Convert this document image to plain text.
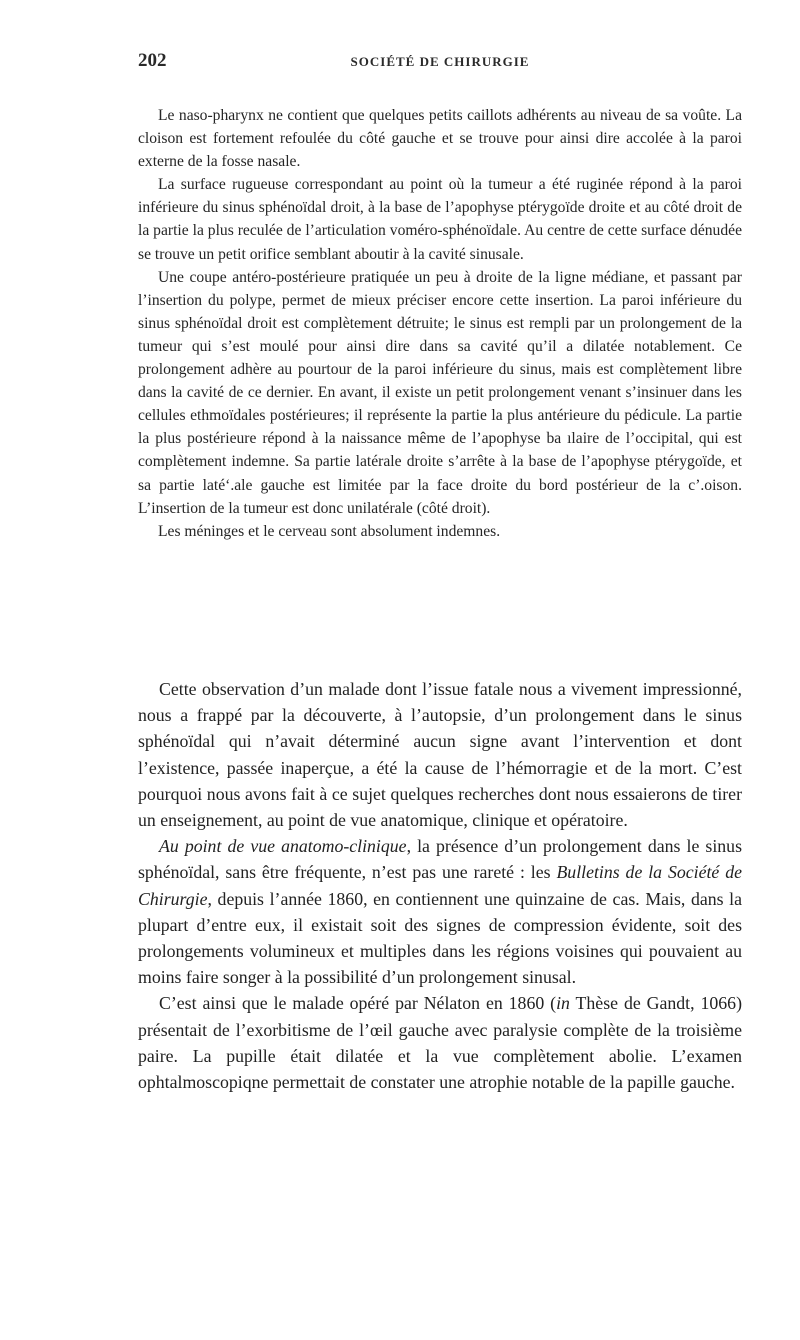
202	SOCIÉTÉ DE CHIRURGIE

Le naso-pharynx ne contient que quelques petits caillots adhérents au niveau de sa voûte. La cloison est fortement refoulée du côté gauche et se trouve pour ainsi dire accolée à la paroi externe de la fosse nasale.

La surface rugueuse correspondant au point où la tumeur a été ruginée répond à la paroi inférieure du sinus sphénoïdal droit, à la base de l’apophyse ptérygoïde droite et au côté droit de la partie la plus reculée de l’articulation voméro-sphénoïdale. Au centre de cette surface dénudée se trouve un petit orifice semblant aboutir à la cavité sinusale.

Une coupe antéro-postérieure pratiquée un peu à droite de la ligne médiane, et passant par l’insertion du polype, permet de mieux préciser encore cette insertion. La paroi inférieure du sinus sphénoïdal droit est complètement détruite; le sinus est rempli par un prolongement de la tumeur qui s’est moulé pour ainsi dire dans sa cavité qu’il a dilatée notablement. Ce prolongement adhère au pourtour de la paroi inférieure du sinus, mais est complètement libre dans la cavité de ce dernier. En avant, il existe un petit prolongement venant s’insinuer dans les cellules ethmoïdales postérieures; il représente la partie la plus antérieure du pédicule. La partie la plus postérieure répond à la naissance même de l’apophyse ba ılaire de l’occipital, qui est complètement indemne. Sa partie latérale droite s’arrête à la base de l’apophyse ptérygoïde, et sa partie laté‘.ale gauche est limitée par la face droite du bord postérieur de la c’.oison. L’insertion de la tumeur est donc unilatérale (côté droit).

Les méninges et le cerveau sont absolument indemnes.

Cette observation d’un malade dont l’issue fatale nous a vivement impressionné, nous a frappé par la découverte, à l’autopsie, d’un prolongement dans le sinus sphénoïdal qui n’avait déterminé aucun signe avant l’intervention et dont l’existence, passée inaperçue, a été la cause de l’hémorragie et de la mort. C’est pourquoi nous avons fait à ce sujet quelques recherches dont nous essaierons de tirer un enseignement, au point de vue anatomique, clinique et opératoire.

Au point de vue anatomo-clinique, la présence d’un prolongement dans le sinus sphénoïdal, sans être fréquente, n’est pas une rareté : les Bulletins de la Société de Chirurgie, depuis l’année 1860, en contiennent une quinzaine de cas. Mais, dans la plupart d’entre eux, il existait soit des signes de compression évidente, soit des prolongements volumineux et multiples dans les régions voisines qui pouvaient au moins faire songer à la possibilité d’un prolongement sinusal.

C’est ainsi que le malade opéré par Nélaton en 1860 (in Thèse de Gandt, 1066) présentait de l’exorbitisme de l’œil gauche avec paralysie complète de la troisième paire. La pupille était dilatée et la vue complètement abolie. L’examen ophtalmoscopiqne permettait de constater une atrophie notable de la papille gauche.
